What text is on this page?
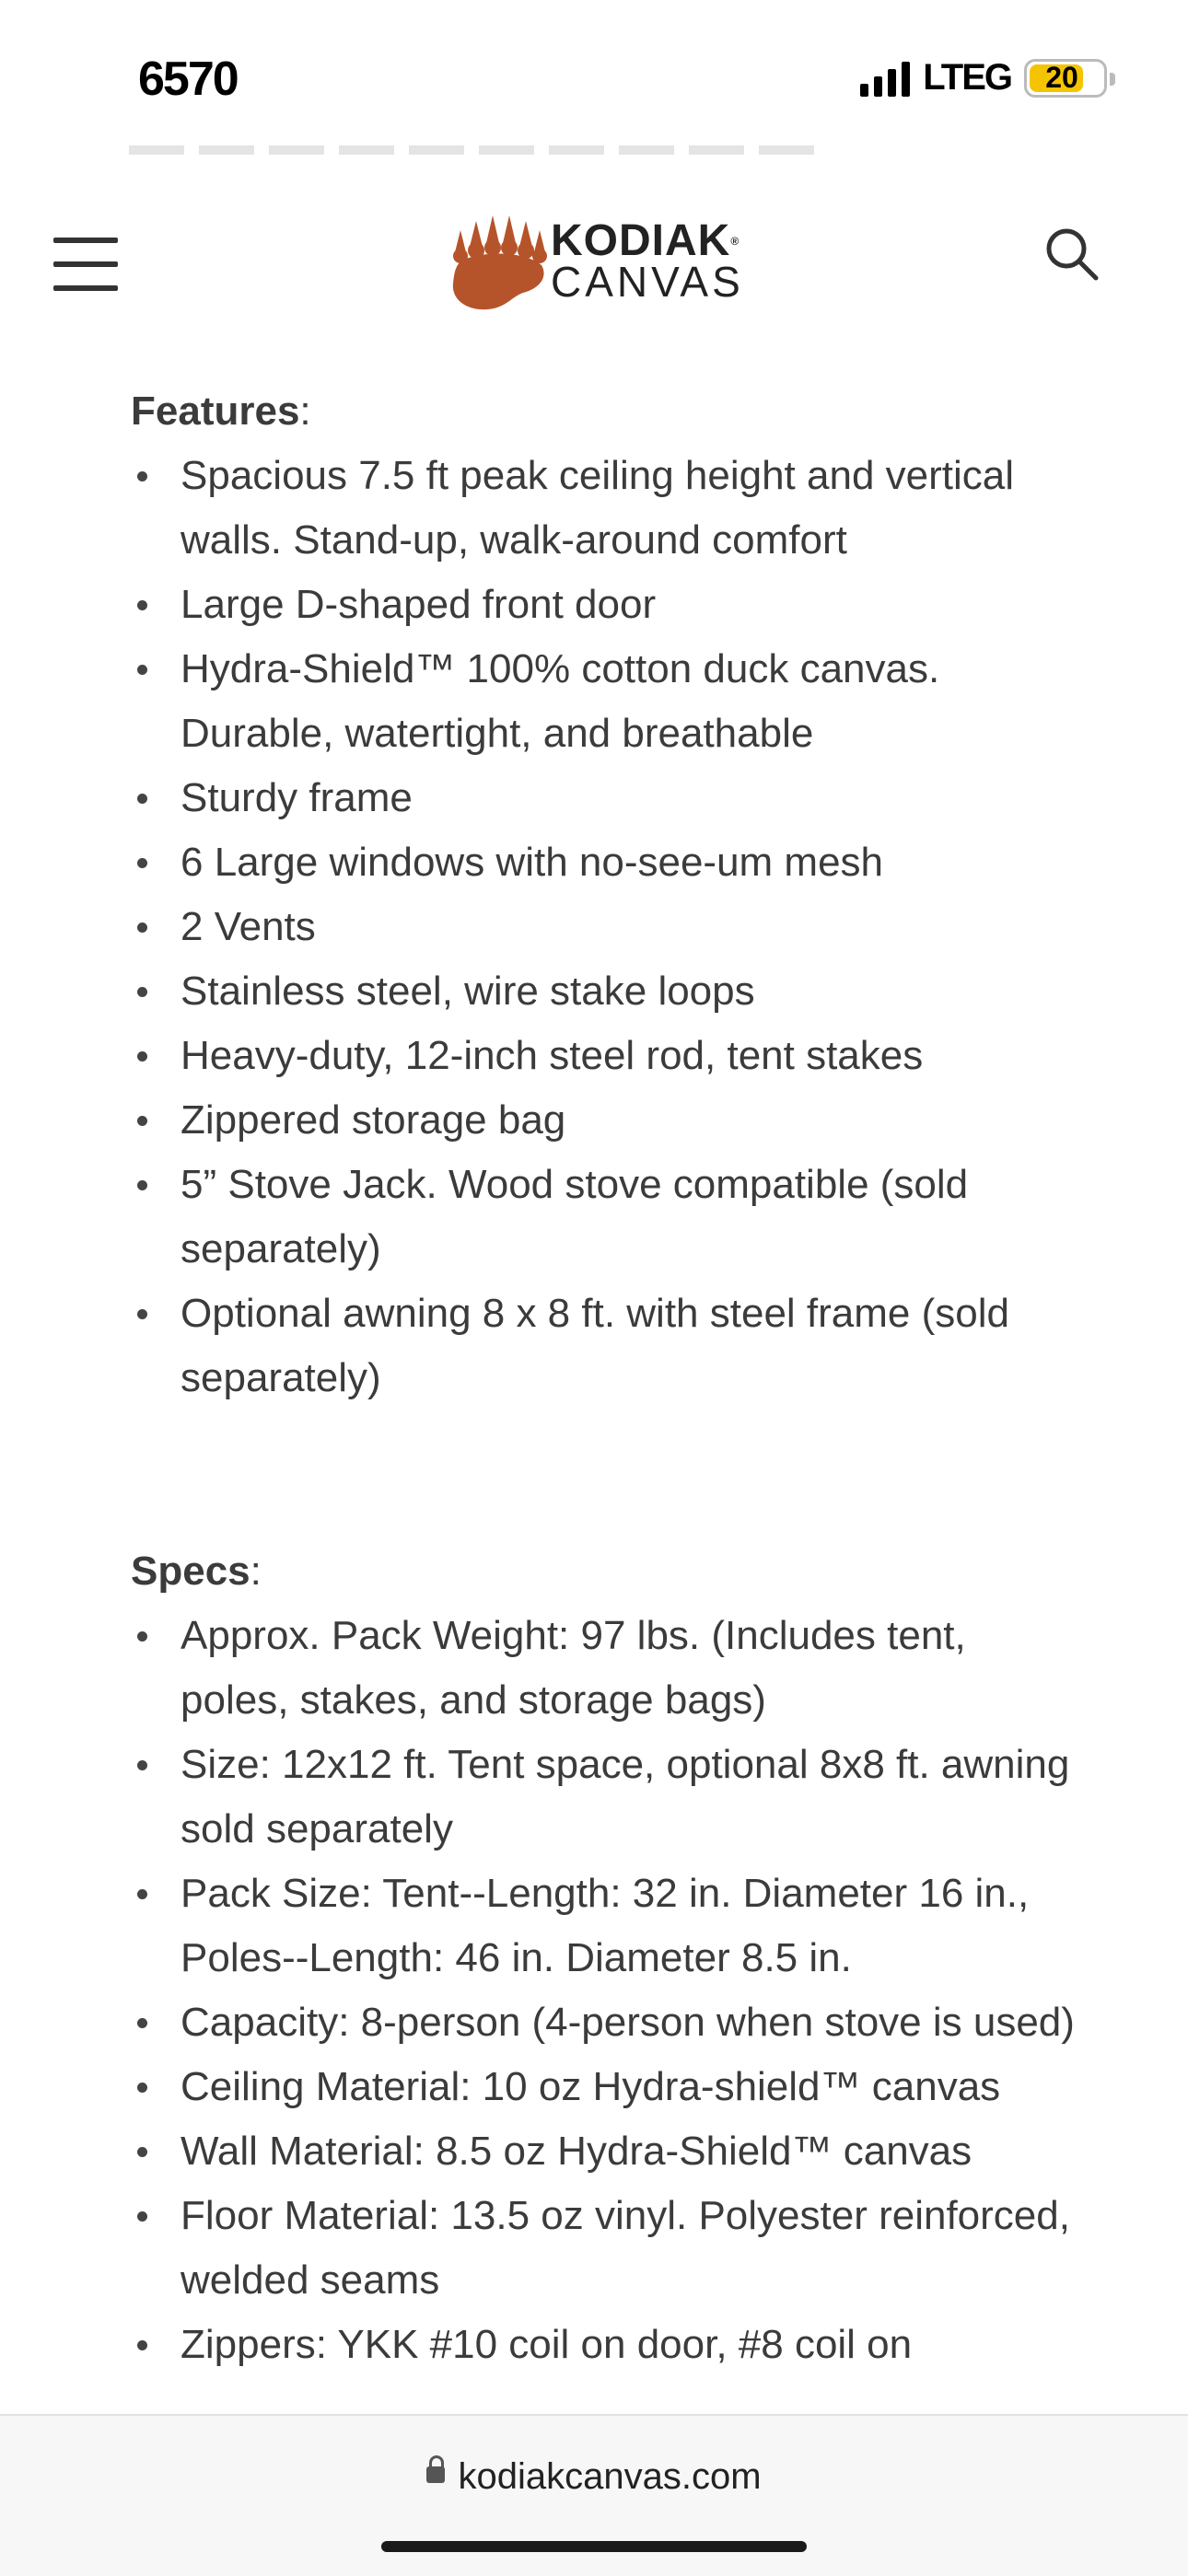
6570	LTEG	20
KODIAK®
CANVAS
Features:
Spacious 7.5 ft peak ceiling height and vertical walls. Stand-up, walk-around comfort
Large D-shaped front door
Hydra-Shield™ 100% cotton duck canvas. Durable, watertight, and breathable
Sturdy frame
6 Large windows with no-see-um mesh
2 Vents
Stainless steel, wire stake loops
Heavy-duty, 12-inch steel rod, tent stakes
Zippered storage bag
5” Stove Jack. Wood stove compatible (sold separately)
Optional awning 8 x 8 ft. with steel frame (sold separately)
Specs:
Approx. Pack Weight: 97 lbs. (Includes tent, poles, stakes, and storage bags)
Size: 12x12 ft. Tent space, optional 8x8 ft. awning sold separately
Pack Size: Tent--Length: 32 in. Diameter 16 in., Poles--Length: 46 in. Diameter 8.5 in.
Capacity: 8-person (4-person when stove is used)
Ceiling Material: 10 oz Hydra-shield™ canvas
Wall Material: 8.5 oz Hydra-Shield™ canvas
Floor Material: 13.5 oz vinyl. Polyester reinforced, welded seams
Zippers: YKK #10 coil on door, #8 coil on
kodiakcanvas.com
